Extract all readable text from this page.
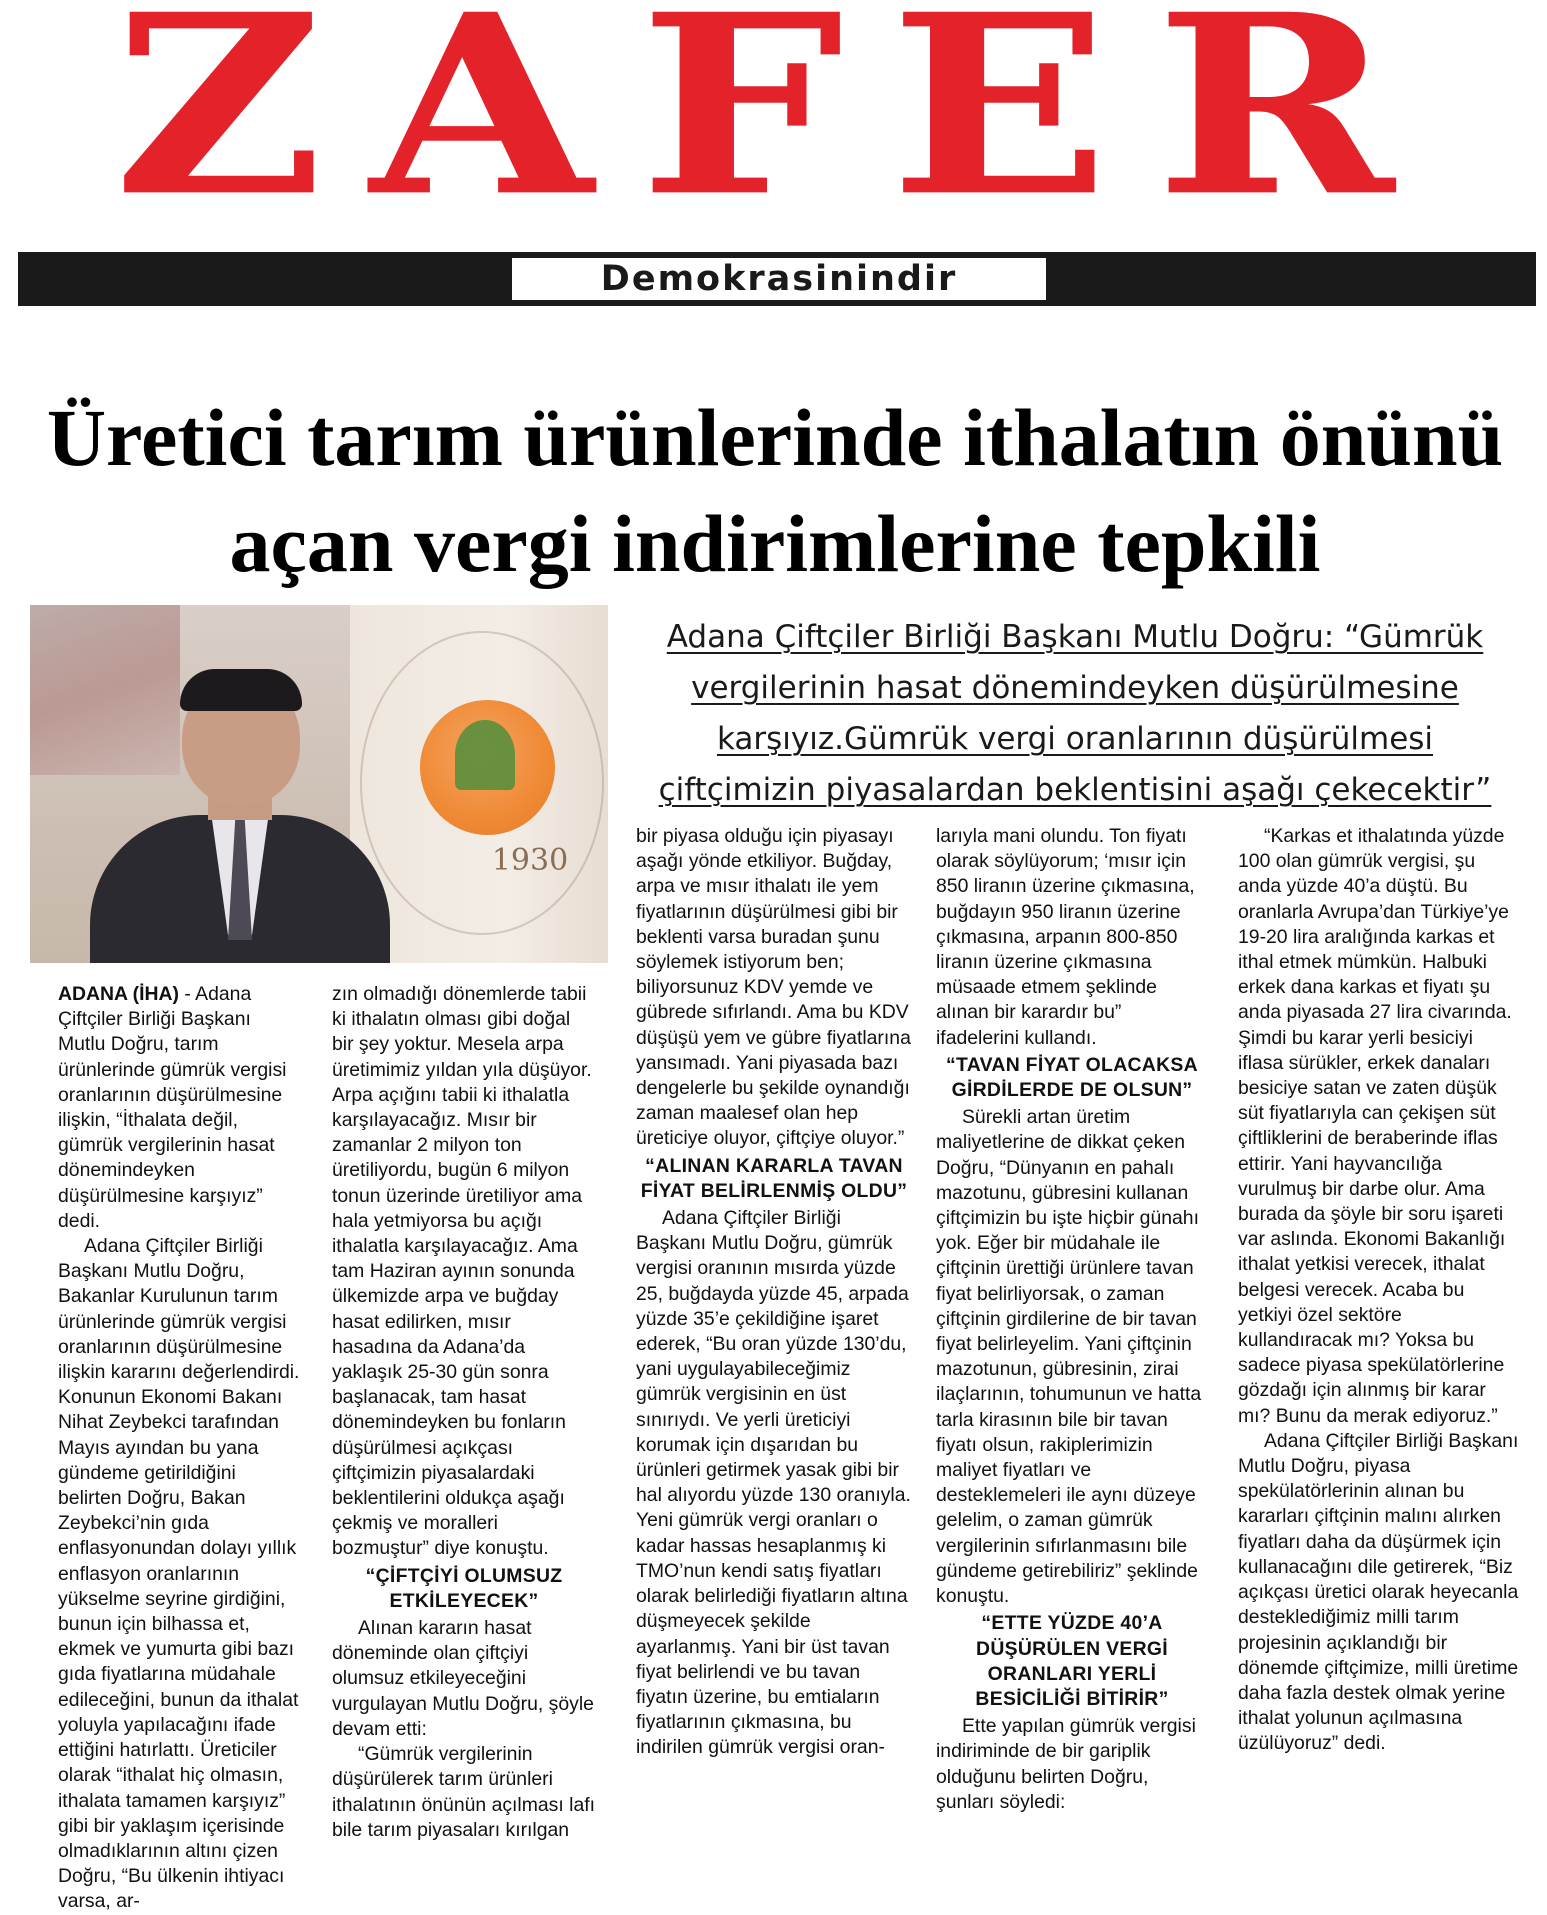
ZAFER
Demokrasinindir
Üretici tarım ürünlerinde ithalatın önünü açan vergi indirimlerine tepkili
1930
Adana Çiftçiler Birliği Başkanı Mutlu Doğru: “Gümrük
vergilerinin hasat dönemindeyken düşürülmesine
karşıyız.Gümrük vergi oranlarının düşürülmesi
çiftçimizin piyasalardan beklentisini aşağı çekecektir”

ADANA (İHA) - Adana Çiftçiler Birliği Başkanı Mutlu Doğru, tarım ürünlerinde gümrük vergisi oranlarının düşürülmesine ilişkin, “İthalata değil, gümrük vergilerinin hasat dönemindeyken düşürülmesine karşıyız” dedi.

Adana Çiftçiler Birliği Başkanı Mutlu Doğru, Bakanlar Kurulunun tarım ürünlerinde gümrük vergisi oranlarının düşürülmesine ilişkin kararını değerlendirdi. Konunun Ekonomi Bakanı Nihat Zeybekci tarafından Mayıs ayından bu yana gündeme getirildiğini belirten Doğru, Bakan Zeybekci’nin gıda enflasyonundan dolayı yıllık enflasyon oranlarının yükselme seyrine girdiğini, bunun için bilhassa et, ekmek ve yumurta gibi bazı gıda fiyatlarına müdahale edileceğini, bunun da ithalat yoluyla yapılacağını ifade ettiğini hatırlattı. Üreticiler olarak “ithalat hiç olmasın, ithalata tamamen karşıyız” gibi bir yaklaşım içerisinde olmadıklarının altını çizen Doğru, “Bu ülkenin ihtiyacı varsa, ar-

zın olmadığı dönemlerde tabii ki ithalatın olması gibi doğal bir şey yoktur. Mesela arpa üretimimiz yıldan yıla düşüyor. Arpa açığını tabii ki ithalatla karşılayacağız. Mısır bir zamanlar 2 milyon ton üretiliyordu, bugün 6 milyon tonun üzerinde üretiliyor ama hala yetmiyorsa bu açığı ithalatla karşılayacağız. Ama tam Haziran ayının sonunda ülkemizde arpa ve buğday hasat edilirken, mısır hasadına da Adana’da yaklaşık 25-30 gün sonra başlanacak, tam hasat dönemindeyken bu fonların düşürülmesi açıkçası çiftçimizin piyasalardaki beklentilerini oldukça aşağı çekmiş ve moralleri bozmuştur” diye konuştu.

“ÇİFTÇİYİ OLUMSUZ ETKİLEYECEK”

Alınan kararın hasat döneminde olan çiftçiyi olumsuz etkileyeceğini vurgulayan Mutlu Doğru, şöyle devam etti:

“Gümrük vergilerinin düşürülerek tarım ürünleri ithalatının önünün açılması lafı bile tarım piyasaları kırılgan

bir piyasa olduğu için piyasayı aşağı yönde etkiliyor. Buğday, arpa ve mısır ithalatı ile yem fiyatlarının düşürülmesi gibi bir beklenti varsa buradan şunu söylemek istiyorum ben; biliyorsunuz KDV yemde ve gübrede sıfırlandı. Ama bu KDV düşüşü yem ve gübre fiyatlarına yansımadı. Yani piyasada bazı dengelerle bu şekilde oynandığı zaman maalesef olan hep üreticiye oluyor, çiftçiye oluyor.”

“ALINAN KARARLA TAVAN FİYAT BELİRLENMİŞ OLDU”

Adana Çiftçiler Birliği Başkanı Mutlu Doğru, gümrük vergisi oranının mısırda yüzde 25, buğdayda yüzde 45, arpada yüzde 35’e çekildiğine işaret ederek, “Bu oran yüzde 130’du, yani uygulayabileceğimiz gümrük vergisinin en üst sınırıydı. Ve yerli üreticiyi korumak için dışarıdan bu ürünleri getirmek yasak gibi bir hal alıyordu yüzde 130 oranıyla. Yeni gümrük vergi oranları o kadar hassas hesaplanmış ki TMO’nun kendi satış fiyatları olarak belirlediği fiyatların altına düşmeyecek şekilde ayarlanmış. Yani bir üst tavan fiyat belirlendi ve bu tavan fiyatın üzerine, bu emtiaların fiyatlarının çıkmasına, bu indirilen gümrük vergisi oran-

larıyla mani olundu. Ton fiyatı olarak söylüyorum; ‘mısır için 850 liranın üzerine çıkmasına, buğdayın 950 liranın üzerine çıkmasına, arpanın 800-850 liranın üzerine çıkmasına müsaade etmem şeklinde alınan bir karardır bu” ifadelerini kullandı.

“TAVAN FİYAT OLACAKSA GİRDİLERDE DE OLSUN”

Sürekli artan üretim maliyetlerine de dikkat çeken Doğru, “Dünyanın en pahalı mazotunu, gübresini kullanan çiftçimizin bu işte hiçbir günahı yok. Eğer bir müdahale ile çiftçinin ürettiği ürünlere tavan fiyat belirliyorsak, o zaman çiftçinin girdilerine de bir tavan fiyat belirleyelim. Yani çiftçinin mazotunun, gübresinin, zirai ilaçlarının, tohumunun ve hatta tarla kirasının bile bir tavan fiyatı olsun, rakiplerimizin maliyet fiyatları ve desteklemeleri ile aynı düzeye gelelim, o zaman gümrük vergilerinin sıfırlanmasını bile gündeme getirebiliriz” şeklinde konuştu.

“ETTE YÜZDE 40’A DÜŞÜRÜLEN VERGİ ORANLARI YERLİ BESİCİLİĞİ BİTİRİR”

Ette yapılan gümrük vergisi indiriminde de bir gariplik olduğunu belirten Doğru, şunları söyledi:

“Karkas et ithalatında yüzde 100 olan gümrük vergisi, şu anda yüzde 40’a düştü. Bu oranlarla Avrupa’dan Türkiye’ye 19-20 lira aralığında karkas et ithal etmek mümkün. Halbuki erkek dana karkas et fiyatı şu anda piyasada 27 lira civarında. Şimdi bu karar yerli besiciyi iflasa sürükler, erkek danaları besiciye satan ve zaten düşük süt fiyatlarıyla can çekişen süt çiftliklerini de beraberinde iflas ettirir. Yani hayvancılığa vurulmuş bir darbe olur. Ama burada da şöyle bir soru işareti var aslında. Ekonomi Bakanlığı ithalat yetkisi verecek, ithalat belgesi verecek. Acaba bu yetkiyi özel sektöre kullandıracak mı? Yoksa bu sadece piyasa spekülatörlerine gözdağı için alınmış bir karar mı? Bunu da merak ediyoruz.”

Adana Çiftçiler Birliği Başkanı Mutlu Doğru, piyasa spekülatörlerinin alınan bu kararları çiftçinin malını alırken fiyatları daha da düşürmek için kullanacağını dile getirerek, “Biz açıkçası üretici olarak heyecanla desteklediğimiz milli tarım projesinin açıklandığı bir dönemde çiftçimize, milli üretime daha fazla destek olmak yerine ithalat yolunun açılmasına üzülüyoruz” dedi.
